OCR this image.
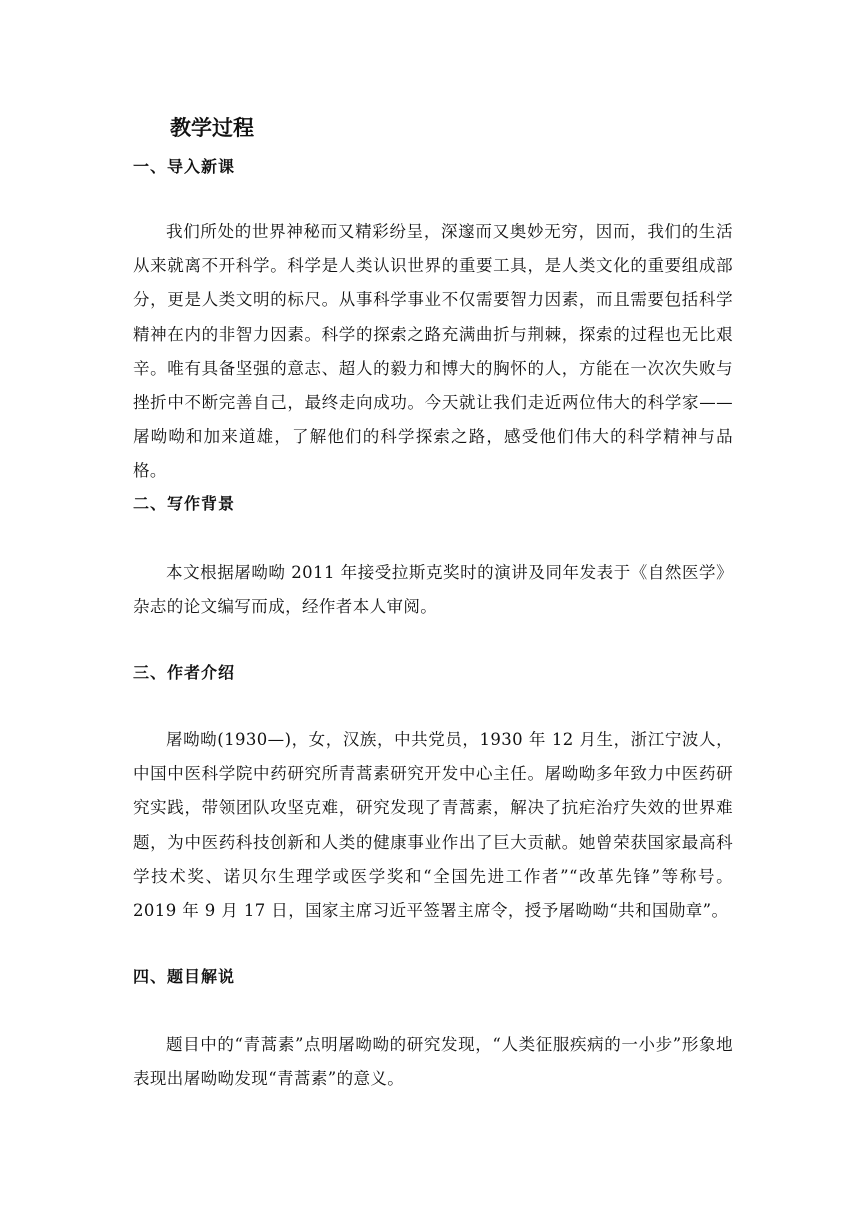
教学过程
一、导入新课

我们所处的世界神秘而又精彩纷呈，深邃而又奥妙无穷，因而，我们的生活从来就离不开科学。科学是人类认识世界的重要工具，是人类文化的重要组成部分，更是人类文明的标尺。从事科学事业不仅需要智力因素，而且需要包括科学精神在内的非智力因素。科学的探索之路充满曲折与荆棘，探索的过程也无比艰辛。唯有具备坚强的意志、超人的毅力和博大的胸怀的人，方能在一次次失败与挫折中不断完善自己，最终走向成功。今天就让我们走近两位伟大的科学家——屠呦呦和加来道雄，了解他们的科学探索之路，感受他们伟大的科学精神与品格。

二、写作背景

本文根据屠呦呦 2011 年接受拉斯克奖时的演讲及同年发表于《自然医学》杂志的论文编写而成，经作者本人审阅。

三、作者介绍

屠呦呦(1930—)，女，汉族，中共党员，1930 年 12 月生，浙江宁波人，中国中医科学院中药研究所青蒿素研究开发中心主任。屠呦呦多年致力中医药研究实践，带领团队攻坚克难，研究发现了青蒿素，解决了抗疟治疗失效的世界难题，为中医药科技创新和人类的健康事业作出了巨大贡献。她曾荣获国家最高科学技术奖、诺贝尔生理学或医学奖和“全国先进工作者”“改革先锋”等称号。2019 年 9 月 17 日，国家主席习近平签署主席令，授予屠呦呦“共和国勋章”。

四、题目解说

题目中的“青蒿素”点明屠呦呦的研究发现，“人类征服疾病的一小步”形象地表现出屠呦呦发现“青蒿素”的意义。
